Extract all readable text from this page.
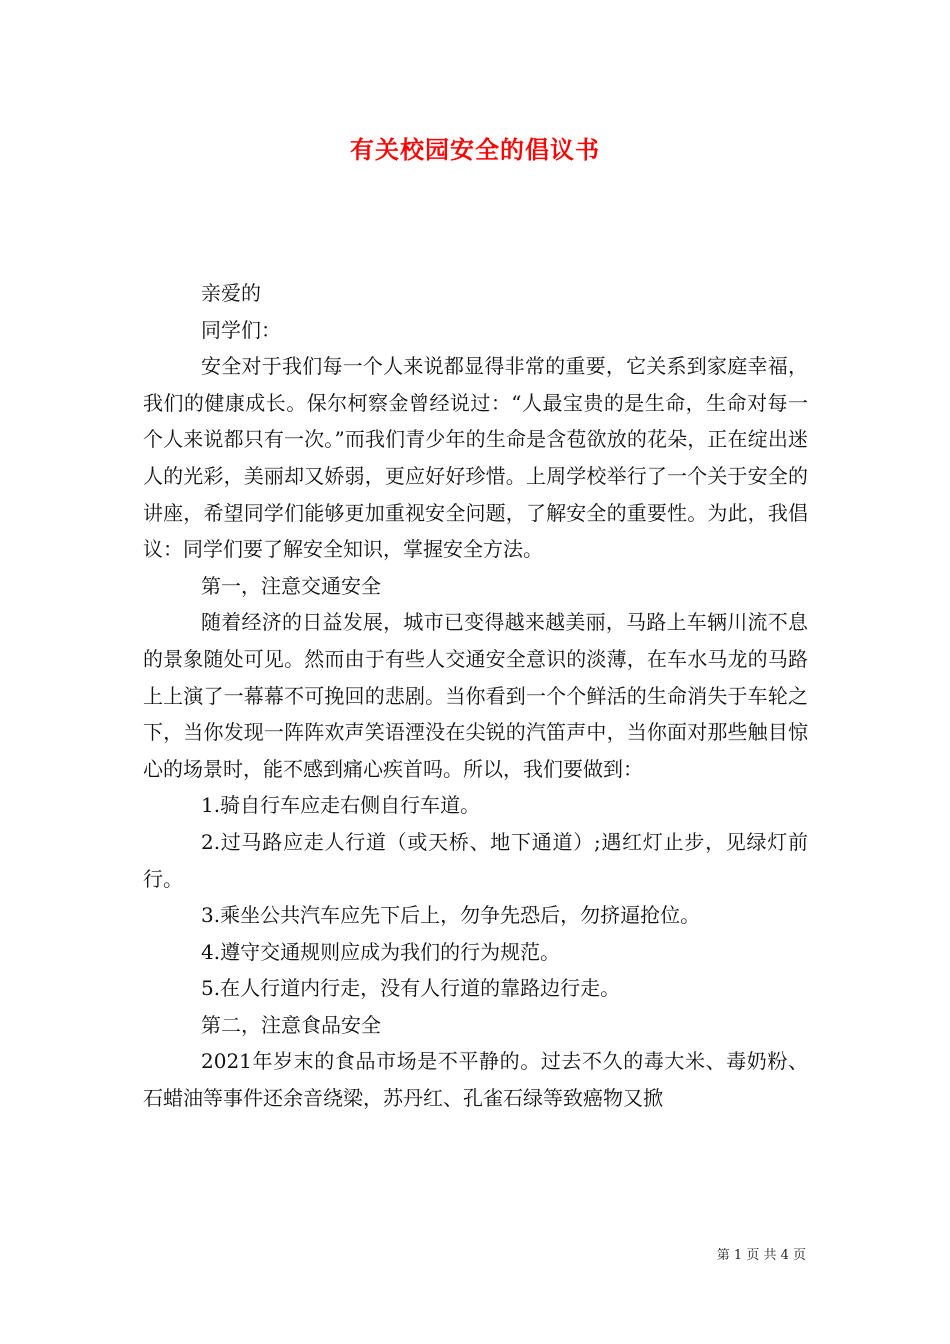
有关校园安全的倡议书

亲爱的

同学们：

安全对于我们每一个人来说都显得非常的重要，它关系到家庭幸福，我们的健康成长。保尔柯察金曾经说过：“人最宝贵的是生命，生命对每一个人来说都只有一次。”而我们青少年的生命是含苞欲放的花朵，正在绽出迷人的光彩，美丽却又娇弱，更应好好珍惜。上周学校举行了一个关于安全的讲座，希望同学们能够更加重视安全问题，了解安全的重要性。为此，我倡议：同学们要了解安全知识，掌握安全方法。

第一，注意交通安全

随着经济的日益发展，城市已变得越来越美丽，马路上车辆川流不息的景象随处可见。然而由于有些人交通安全意识的淡薄，在车水马龙的马路上上演了一幕幕不可挽回的悲剧。当你看到一个个鲜活的生命消失于车轮之下，当你发现一阵阵欢声笑语湮没在尖锐的汽笛声中，当你面对那些触目惊心的场景时，能不感到痛心疾首吗。所以，我们要做到：

1.骑自行车应走右侧自行车道。

2.过马路应走人行道（或天桥、地下通道）;遇红灯止步，见绿灯前行。

3.乘坐公共汽车应先下后上，勿争先恐后，勿挤逼抢位。

4.遵守交通规则应成为我们的行为规范。

5.在人行道内行走，没有人行道的靠路边行走。

第二，注意食品安全

2021年岁末的食品市场是不平静的。过去不久的毒大米、毒奶粉、石蜡油等事件还余音绕梁，苏丹红、孔雀石绿等致癌物又掀

第 1 页 共 4 页
